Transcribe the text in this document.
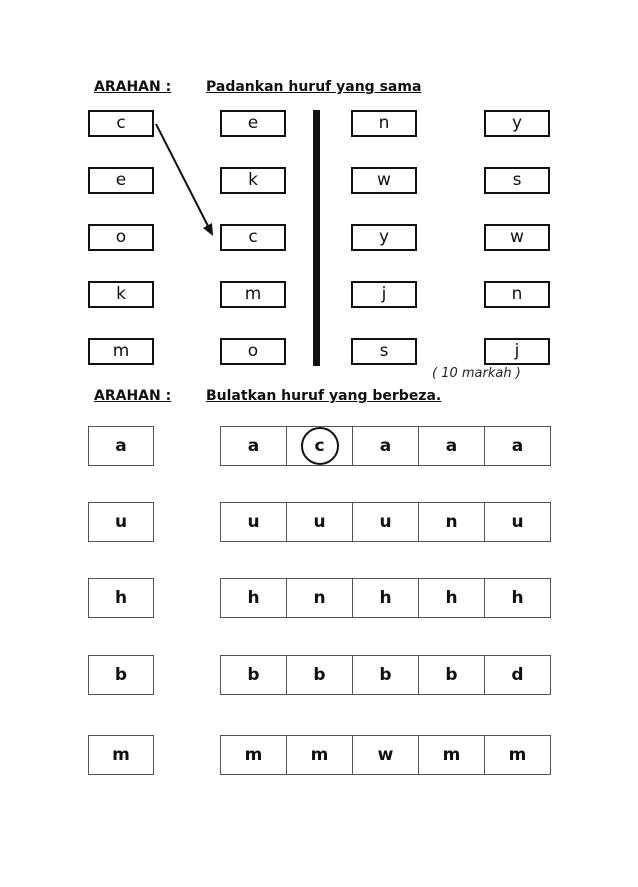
ARAHAN : Padankan huruf yang sama
c
e
o
k
m
e
k
c
m
o
n
w
y
j
s
y
s
w
n
j
( 10 markah )
ARAHAN : Bulatkan huruf yang berbeza.
a	a	c	a	a	a
u	u	u	u	n	u
h	h	n	h	h	h
b	b	b	b	b	d
m	m	m	w	m	m
